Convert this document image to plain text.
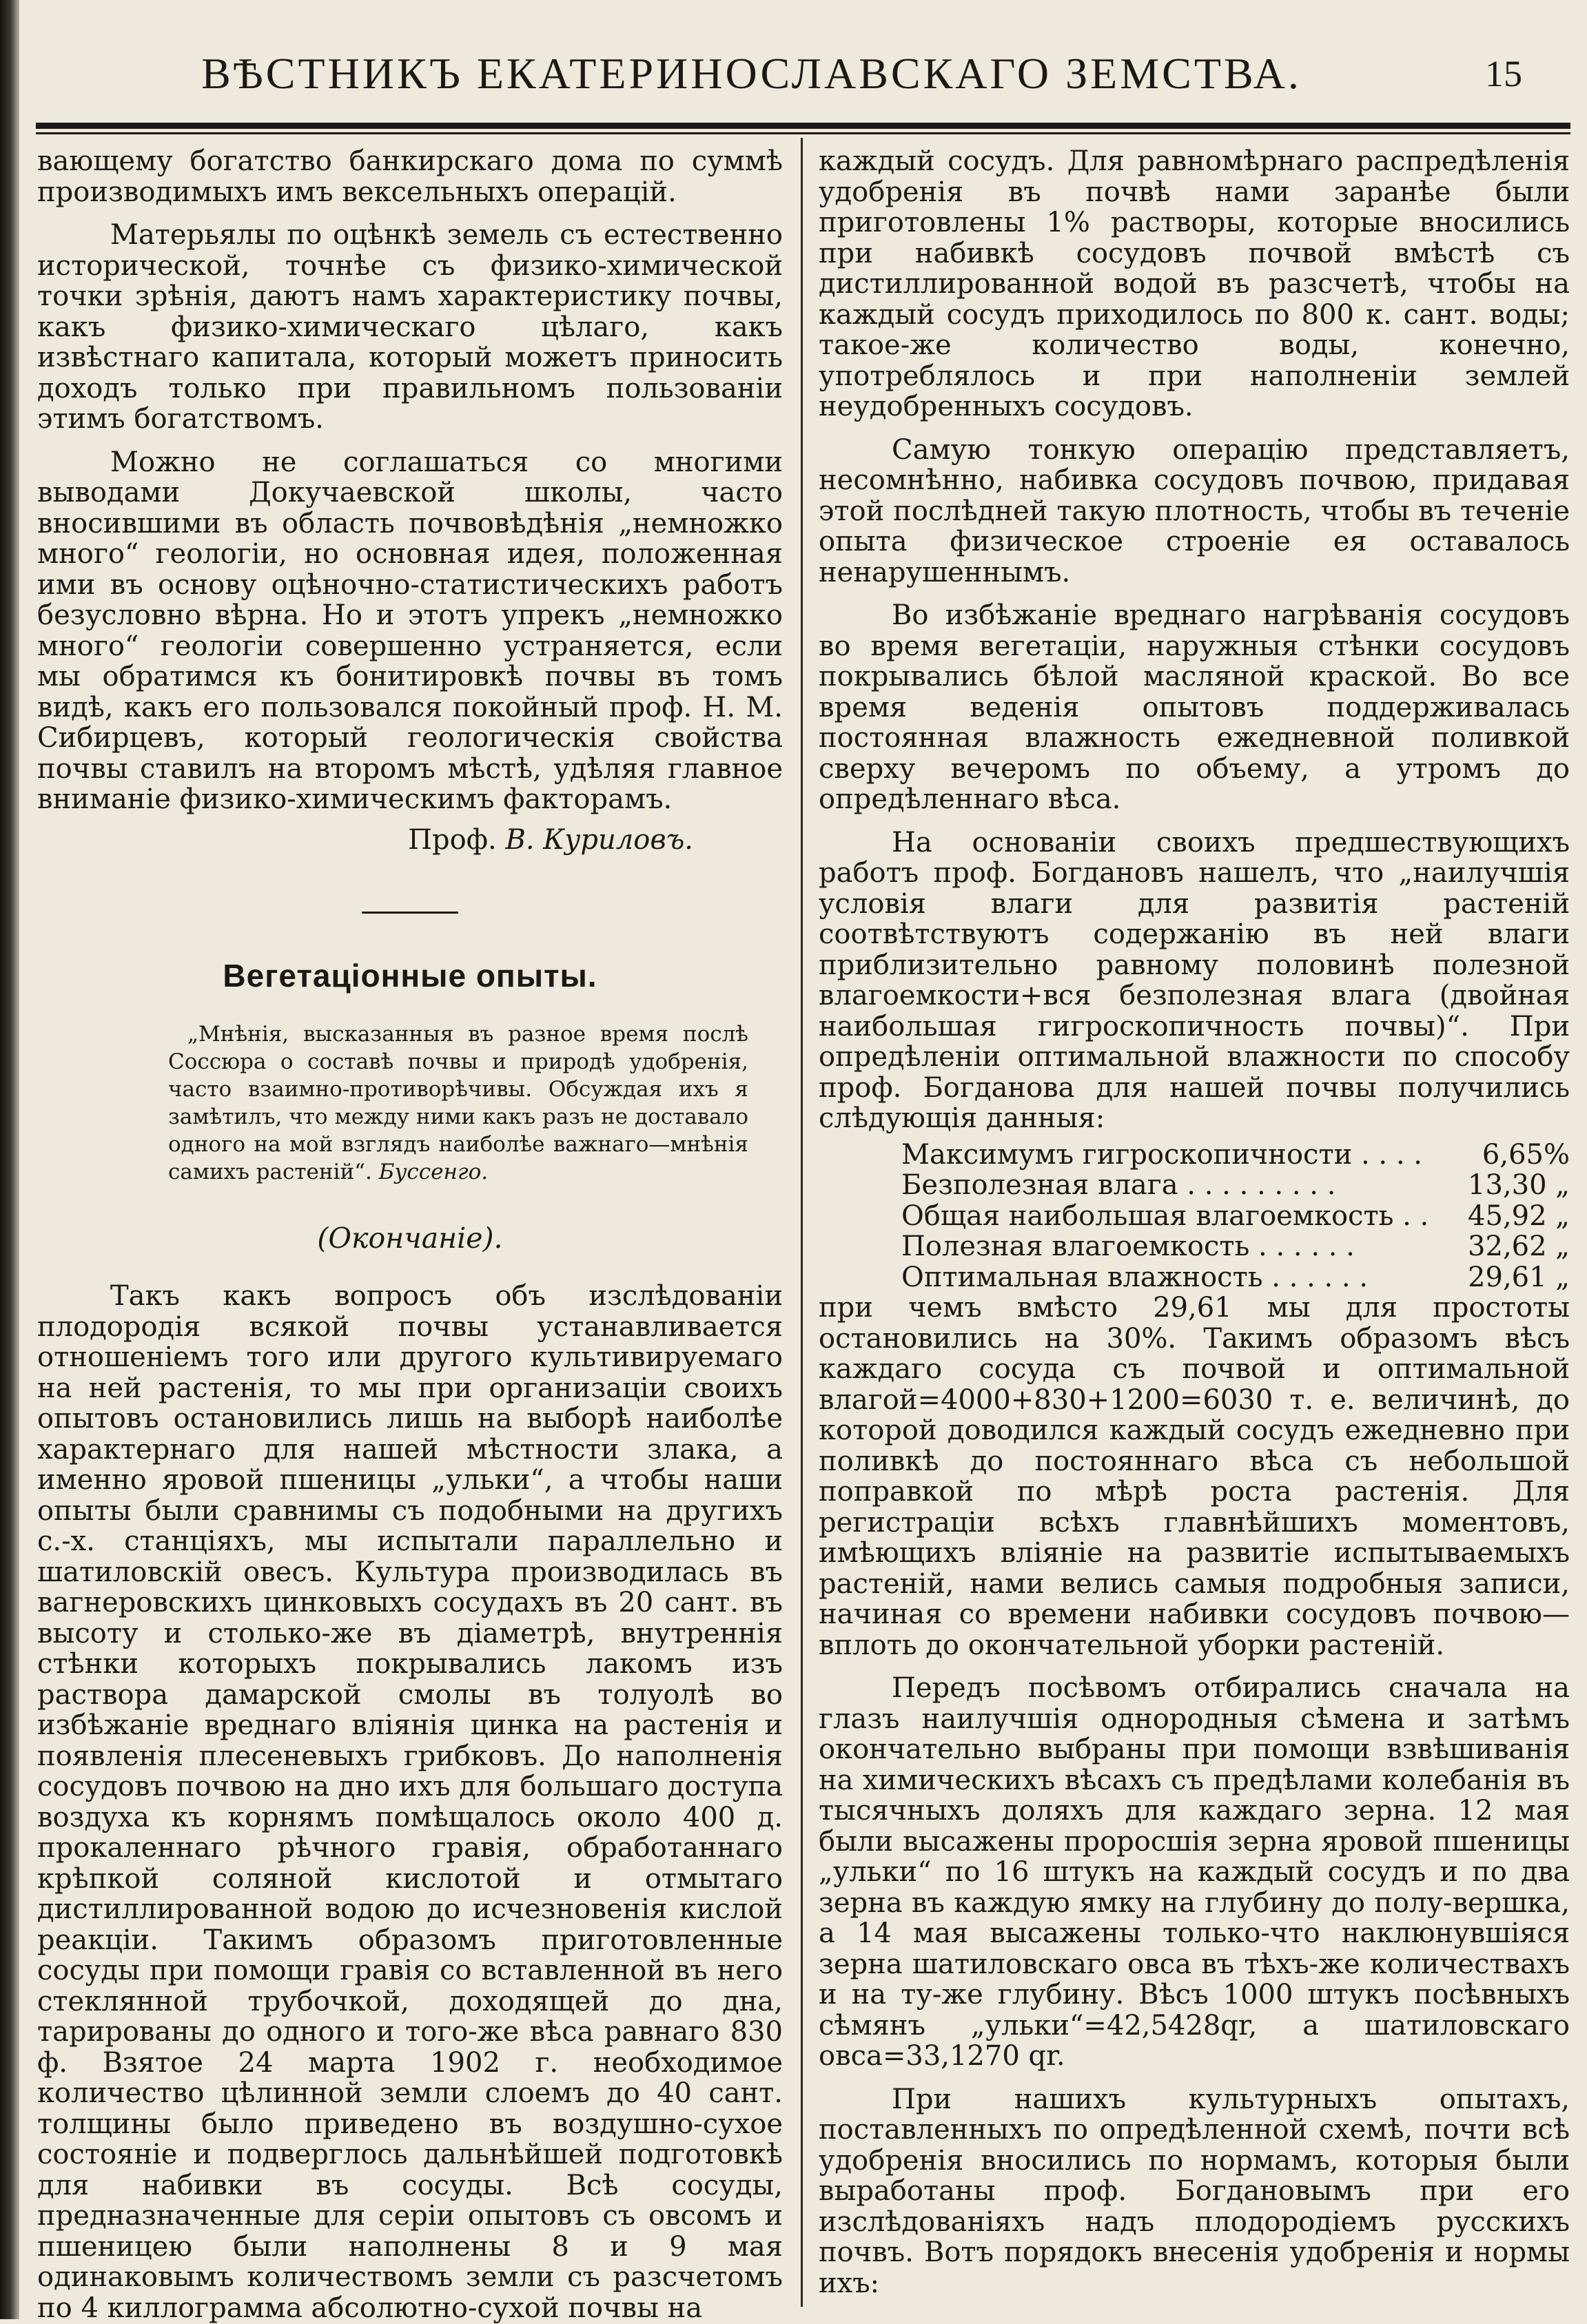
ВѢСТНИКЪ ЕКАТЕРИНОСЛАВСКАГО ЗЕМСТВА.	15

вающему богатство банкирскаго дома по суммѣ производимыхъ имъ вексельныхъ операцій.

Матерьялы по оцѣнкѣ земель съ естественно исторической, точнѣе съ физико-химической точки зрѣнія, даютъ намъ характеристику почвы, какъ физико-химическаго цѣлаго, какъ извѣстнаго капитала, который можетъ приносить доходъ только при правильномъ пользованіи этимъ богатствомъ.

Можно не соглашаться со многими выводами Докучаевской школы, часто вносившими въ область почвовѣдѣнія „немножко много“ геологіи, но основная идея, положенная ими въ основу оцѣночно-статистическихъ работъ безусловно вѣрна. Но и этотъ упрекъ „немножко много“ геологіи совершенно устраняется, если мы обратимся къ бонитировкѣ почвы въ томъ видѣ, какъ его пользовался покойный проф. Н. М. Сибирцевъ, который геологическія свойства почвы ставилъ на второмъ мѣстѣ, удѣляя главное вниманіе физико-химическимъ факторамъ.

Проф. В. Куриловъ.

Вегетаціонные опыты.

„Мнѣнія, высказанныя въ разное время послѣ Соссюра о составѣ почвы и природѣ удобренія, часто взаимно-противорѣчивы. Обсуждая ихъ я замѣтилъ, что между ними какъ разъ не доставало одного на мой взглядъ наиболѣе важнаго—мнѣнія самихъ растеній“. Буссенго.

(Окончаніе).

Такъ какъ вопросъ объ изслѣдованіи плодородія всякой почвы устанавливается отношеніемъ того или другого культивируемаго на ней растенія, то мы при организаціи своихъ опытовъ остановились лишь на выборѣ наиболѣе характернаго для нашей мѣстности злака, а именно яровой пшеницы „ульки“, а чтобы наши опыты были сравнимы съ подобными на другихъ с.-х. станціяхъ, мы испытали параллельно и шатиловскій овесъ. Культура производилась въ вагнеровскихъ цинковыхъ сосудахъ въ 20 сант. въ высоту и столько-же въ діаметрѣ, внутреннія стѣнки которыхъ покрывались лакомъ изъ раствора дамарской смолы въ толуолѣ во избѣжаніе вреднаго вліянія цинка на растенія и появленія плесеневыхъ грибковъ. До наполненія сосудовъ почвою на дно ихъ для большаго доступа воздуха къ корнямъ помѣщалось около 400 д. прокаленнаго рѣчного гравія, обработаннаго крѣпкой соляной кислотой и отмытаго дистиллированной водою до исчезновенія кислой реакціи. Такимъ образомъ приготовленные сосуды при помощи гравія со вставленной въ него стеклянной трубочкой, доходящей до дна, тарированы до одного и того-же вѣса равнаго 830 ф. Взятое 24 марта 1902 г. необходимое количество цѣлинной земли слоемъ до 40 сант. толщины было приведено въ воздушно-сухое состояніе и подверглось дальнѣйшей подготовкѣ для набивки въ сосуды. Всѣ сосуды, предназначенные для серіи опытовъ съ овсомъ и пшеницею были наполнены 8 и 9 мая одинаковымъ количествомъ земли съ разсчетомъ по 4 киллограмма абсолютно-сухой почвы на

каждый сосудъ. Для равномѣрнаго распредѣленія удобренія въ почвѣ нами заранѣе были приготовлены 1% растворы, которые вносились при набивкѣ сосудовъ почвой вмѣстѣ съ дистиллированной водой въ разсчетѣ, чтобы на каждый сосудъ приходилось по 800 к. сант. воды; такое-же количество воды, конечно, употреблялось и при наполненіи землей неудобренныхъ сосудовъ.

Самую тонкую операцію представляетъ, несомнѣнно, набивка сосудовъ почвою, придавая этой послѣдней такую плотность, чтобы въ теченіе опыта физическое строеніе ея оставалось ненарушеннымъ.

Во избѣжаніе вреднаго нагрѣванія сосудовъ во время вегетаціи, наружныя стѣнки сосудовъ покрывались бѣлой масляной краской. Во все время веденія опытовъ поддерживалась постоянная влажность ежедневной поливкой сверху вечеромъ по объему, а утромъ до опредѣленнаго вѣса.

На основаніи своихъ предшествующихъ работъ проф. Богдановъ нашелъ, что „наилучшія условія влаги для развитія растеній соотвѣтствуютъ содержанію въ ней влаги приблизительно равному половинѣ полезной влагоемкости+вся безполезная влага (двойная наибольшая гигроскопичность почвы)“. При опредѣленіи оптимальной влажности по способу проф. Богданова для нашей почвы получились слѣдующія данныя:

Максимумъ гигроскопичности . . . . 6,65%
Безполезная влага . . . . . . . . .	13,30 „
Общая наибольшая влагоемкость . . 45,92 „
Полезная влагоемкость . . . . . .	32,62 „
Оптимальная влажность . . . . . .	29,61 „

при чемъ вмѣсто 29,61 мы для простоты остановились на 30%. Такимъ образомъ вѣсъ каждаго сосуда съ почвой и оптимальной влагой=4000+830+1200=6030 т. е. величинѣ, до которой доводился каждый сосудъ ежедневно при поливкѣ до постояннаго вѣса съ небольшой поправкой по мѣрѣ роста растенія. Для регистраціи всѣхъ главнѣйшихъ моментовъ, имѣющихъ вліяніе на развитіе испытываемыхъ растеній, нами велись самыя подробныя записи, начиная со времени набивки сосудовъ почвою—вплоть до окончательной уборки растеній.

Передъ посѣвомъ отбирались сначала на глазъ наилучшія однородныя сѣмена и затѣмъ окончательно выбраны при помощи взвѣшиванія на химическихъ вѣсахъ съ предѣлами колебанія въ тысячныхъ доляхъ для каждаго зерна. 12 мая были высажены проросшія зерна яровой пшеницы „ульки“ по 16 штукъ на каждый сосудъ и по два зерна въ каждую ямку на глубину до полу-вершка, а 14 мая высажены только-что наклюнувшіяся зерна шатиловскаго овса въ тѣхъ-же количествахъ и на ту-же глубину. Вѣсъ 1000 штукъ посѣвныхъ сѣмянъ „ульки“=42,5428qr, а шатиловскаго овса=33,1270 qr.

При нашихъ культурныхъ опытахъ, поставленныхъ по опредѣленной схемѣ, почти всѣ удобренія вносились по нормамъ, которыя были выработаны проф. Богдановымъ при его изслѣдованіяхъ надъ плодородіемъ русскихъ почвъ. Вотъ порядокъ внесенія удобренія и нормы ихъ:
